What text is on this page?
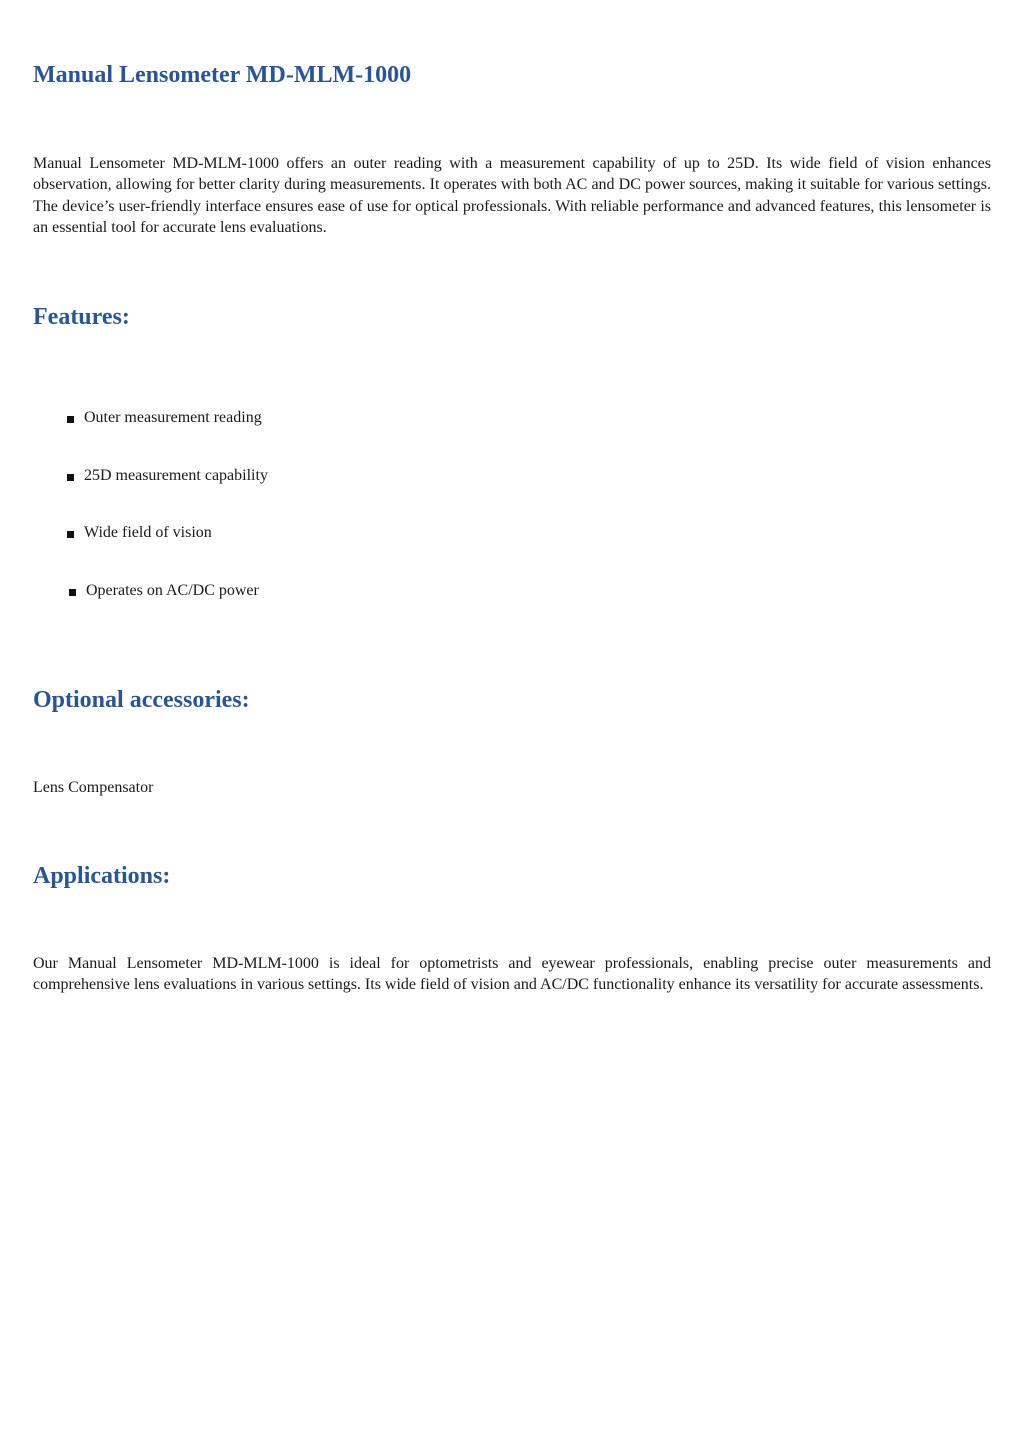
Manual Lensometer MD-MLM-1000

Manual Lensometer MD-MLM-1000 offers an outer reading with a measurement capability of up to 25D. Its wide field of vision enhances observation, allowing for better clarity during measurements. It operates with both AC and DC power sources, making it suitable for various settings. The device’s user-friendly interface ensures ease of use for optical professionals. With reliable performance and advanced features, this lensometer is an essential tool for accurate lens evaluations.

Features:
Outer measurement reading
25D measurement capability
Wide field of vision
Operates on AC/DC power
Optional accessories:

Lens Compensator

Applications:

Our Manual Lensometer MD-MLM-1000 is ideal for optometrists and eyewear professionals, enabling precise outer measurements and comprehensive lens evaluations in various settings. Its wide field of vision and AC/DC functionality enhance its versatility for accurate assessments.
